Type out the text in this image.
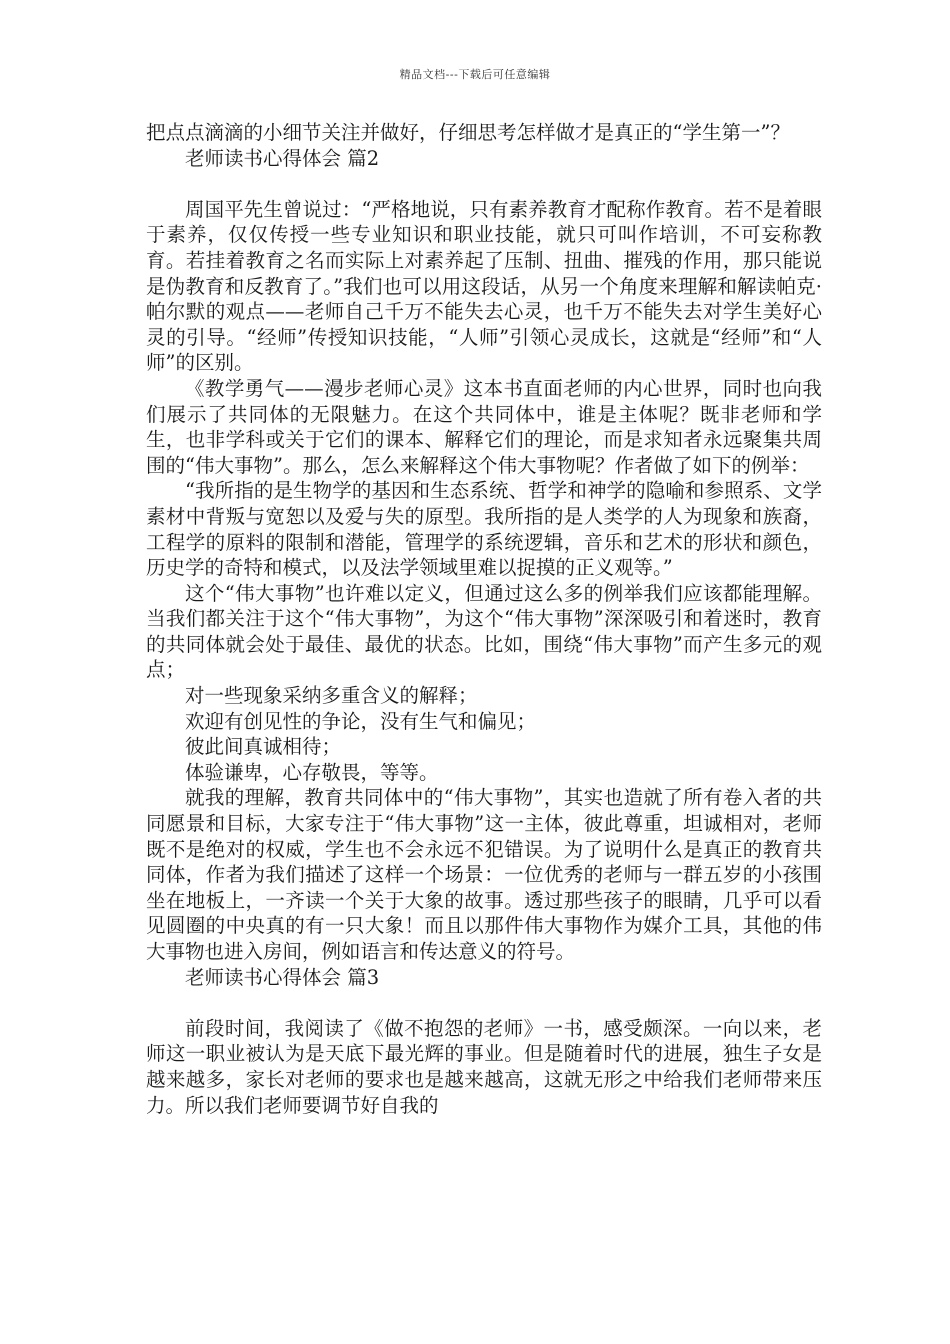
精品文档---下载后可任意编辑

把点点滴滴的小细节关注并做好，仔细思考怎样做才是真正的“学生第一”？

老师读书心得体会 篇2

周国平先生曾说过：“严格地说，只有素养教育才配称作教育。若不是着眼于素养，仅仅传授一些专业知识和职业技能，就只可叫作培训，不可妄称教育。若挂着教育之名而实际上对素养起了压制、扭曲、摧残的作用，那只能说是伪教育和反教育了。”我们也可以用这段话，从另一个角度来理解和解读帕克·帕尔默的观点——老师自己千万不能失去心灵，也千万不能失去对学生美好心灵的引导。“经师”传授知识技能，“人师”引领心灵成长，这就是“经师”和“人师”的区别。

《教学勇气——漫步老师心灵》这本书直面老师的内心世界，同时也向我们展示了共同体的无限魅力。在这个共同体中，谁是主体呢？既非老师和学生，也非学科或关于它们的课本、解释它们的理论，而是求知者永远聚集共周围的“伟大事物”。那么，怎么来解释这个伟大事物呢？作者做了如下的例举：

“我所指的是生物学的基因和生态系统、哲学和神学的隐喻和参照系、文学素材中背叛与宽恕以及爱与失的原型。我所指的是人类学的人为现象和族裔，工程学的原料的限制和潜能，管理学的系统逻辑，音乐和艺术的形状和颜色，历史学的奇特和模式，以及法学领域里难以捉摸的正义观等。”

这个“伟大事物”也许难以定义，但通过这么多的例举我们应该都能理解。当我们都关注于这个“伟大事物”，为这个“伟大事物”深深吸引和着迷时，教育的共同体就会处于最佳、最优的状态。比如，围绕“伟大事物”而产生多元的观点；

对一些现象采纳多重含义的解释；

欢迎有创见性的争论，没有生气和偏见；

彼此间真诚相待；

体验谦卑，心存敬畏，等等。

就我的理解，教育共同体中的“伟大事物”，其实也造就了所有卷入者的共同愿景和目标，大家专注于“伟大事物”这一主体，彼此尊重，坦诚相对，老师既不是绝对的权威，学生也不会永远不犯错误。为了说明什么是真正的教育共同体，作者为我们描述了这样一个场景：一位优秀的老师与一群五岁的小孩围坐在地板上，一齐读一个关于大象的故事。透过那些孩子的眼睛，几乎可以看见圆圈的中央真的有一只大象！而且以那件伟大事物作为媒介工具，其他的伟大事物也进入房间，例如语言和传达意义的符号。

老师读书心得体会 篇3

前段时间，我阅读了《做不抱怨的老师》一书，感受颇深。一向以来，老师这一职业被认为是天底下最光辉的事业。但是随着时代的进展，独生子女是越来越多，家长对老师的要求也是越来越高，这就无形之中给我们老师带来压力。所以我们老师要调节好自我的
